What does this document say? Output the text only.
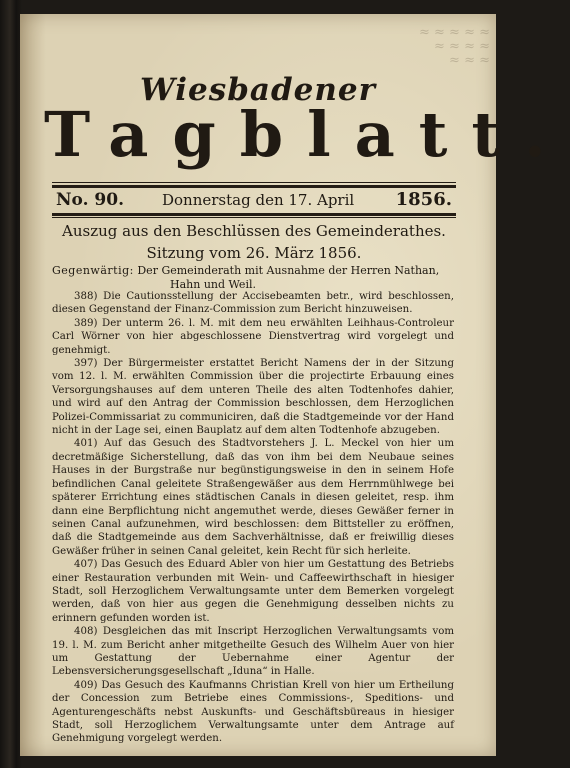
≈ ≈ ≈ ≈ ≈
≈ ≈ ≈ ≈
≈ ≈ ≈
Wiesbadener
Tagblatt.
No. 90.	Donnerstag den 17. April 1856.
Auszug aus den Beschlüssen des Gemeinderathes.
Sitzung vom 26. März 1856.
Gegenwärtig: Der Gemeinderath mit Ausnahme der Herren Nathan,
Hahn und Weil.

388) Die Cautionsstellung der Accisebeamten betr., wird beschlossen, diesen Gegenstand der Finanz-Commission zum Bericht hinzuweisen.

389) Der unterm 26. l. M. mit dem neu erwählten Leihhaus-Controleur Carl Wörner von hier abgeschlossene Dienstvertrag wird vorgelegt und genehmigt.

397) Der Bürgermeister erstattet Bericht Namens der in der Sitzung vom 12. l. M. erwählten Commission über die projectirte Erbauung eines Versorgungshauses auf dem unteren Theile des alten Todtenhofes dahier, und wird auf den Antrag der Commission beschlossen, dem Herzoglichen Polizei-Commissariat zu communiciren, daß die Stadtgemeinde vor der Hand nicht in der Lage sei, einen Bauplatz auf dem alten Todtenhofe abzugeben.

401) Auf das Gesuch des Stadtvorstehers J. L. Meckel von hier um decretmäßige Sicherstellung, daß das von ihm bei dem Neubaue seines Hauses in der Burgstraße nur begünstigungsweise in den in seinem Hofe befindlichen Canal geleitete Straßengewäßer aus dem Herrnmühlwege bei späterer Errichtung eines städtischen Canals in diesen geleitet, resp. ihm dann eine Berpflichtung nicht angemuthet werde, dieses Gewäßer ferner in seinen Canal aufzunehmen, wird beschlossen: dem Bittsteller zu eröffnen, daß die Stadtgemeinde aus dem Sachverhältnisse, daß er freiwillig dieses Gewäßer früher in seinen Canal geleitet, kein Recht für sich herleite.

407) Das Gesuch des Eduard Abler von hier um Gestattung des Betriebs einer Restauration verbunden mit Wein- und Caffeewirthschaft in hiesiger Stadt, soll Herzoglichem Verwaltungsamte unter dem Bemerken vorgelegt werden, daß von hier aus gegen die Genehmigung desselben nichts zu erinnern gefunden worden ist.

408) Desgleichen das mit Inscript Herzoglichen Verwaltungsamts vom 19. l. M. zum Bericht anher mitgetheilte Gesuch des Wilhelm Auer von hier um Gestattung der Uebernahme einer Agentur der Lebensversicherungsgesellschaft „Iduna“ in Halle.

409) Das Gesuch des Kaufmanns Christian Krell von hier um Ertheilung der Concession zum Betriebe eines Commissions-, Speditions- und Agenturengeschäfts nebst Auskunfts- und Geschäftsbüreaus in hiesiger Stadt, soll Herzoglichem Verwaltungsamte unter dem Antrage auf Genehmigung vorgelegt werden.
